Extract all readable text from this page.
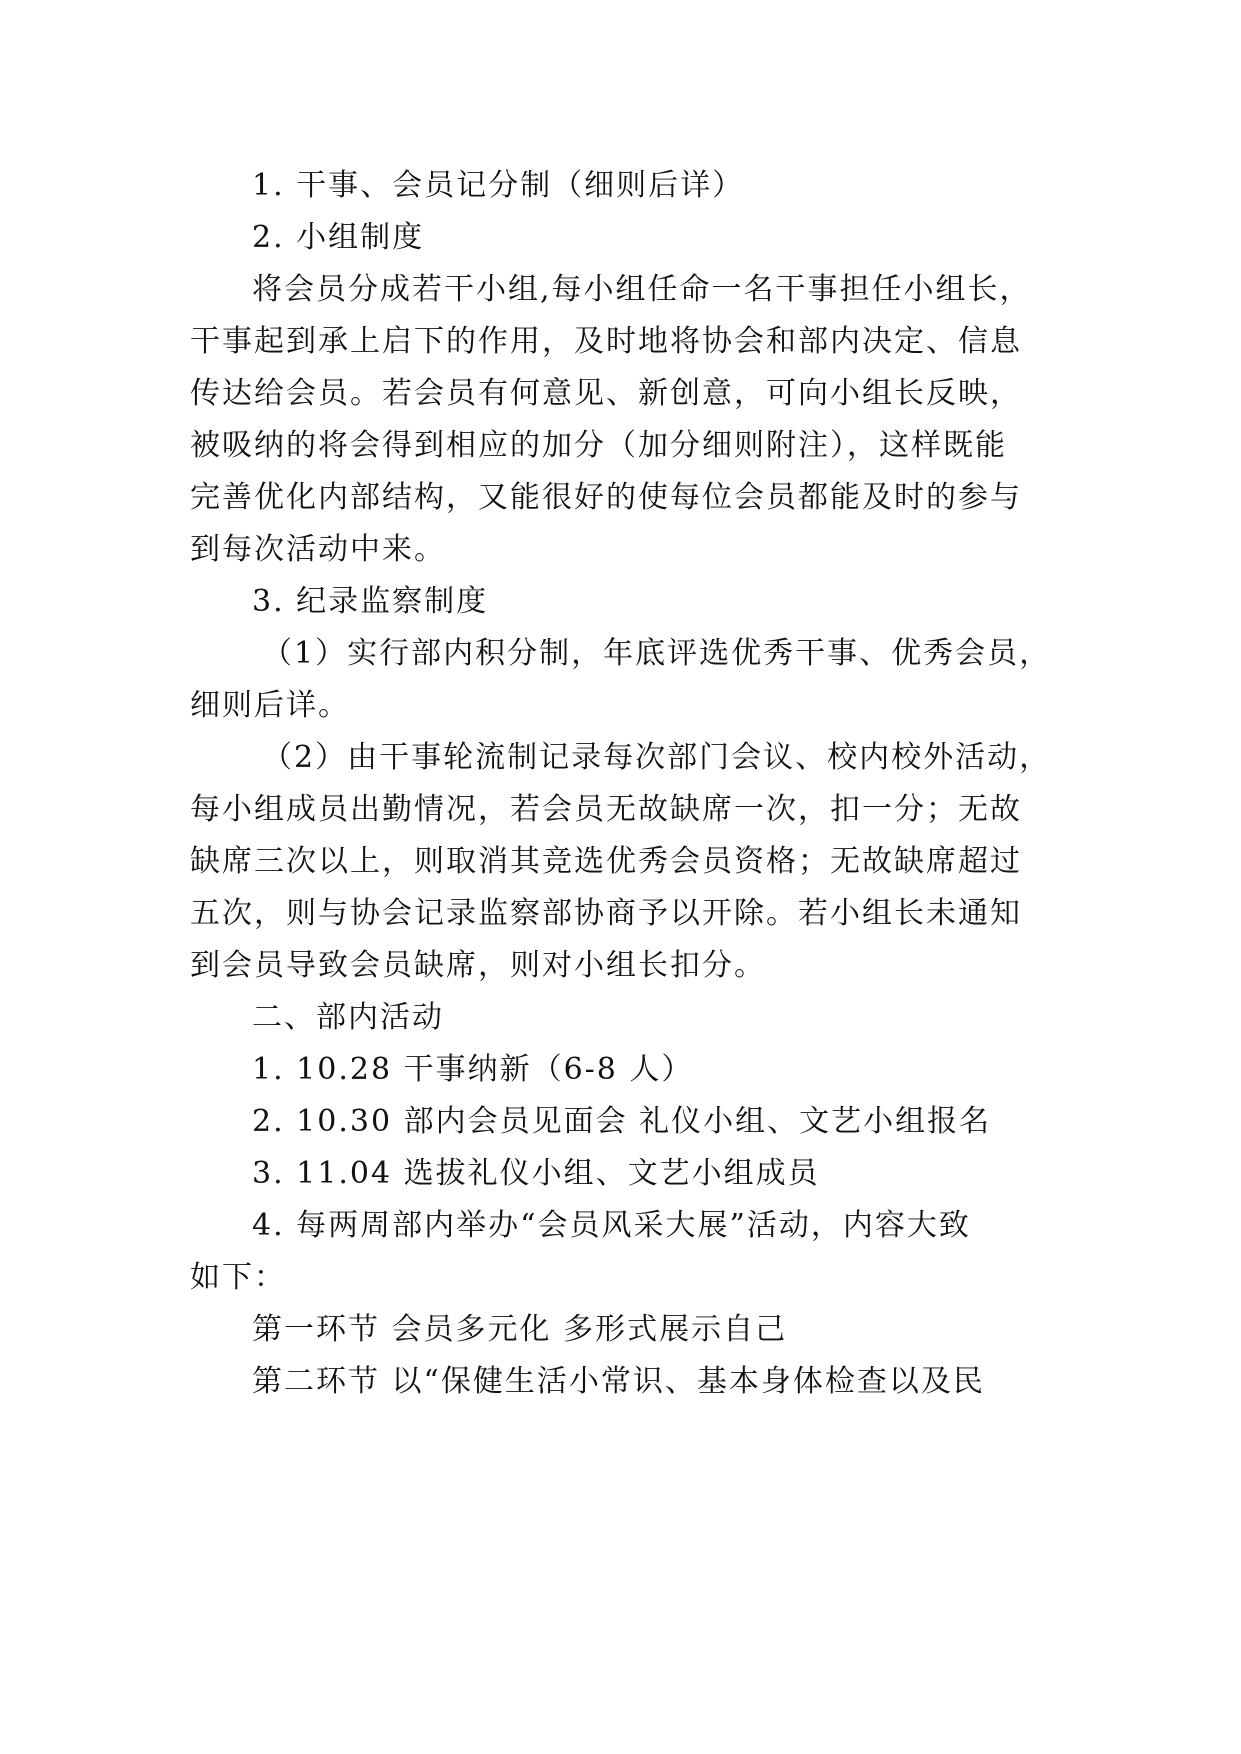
1. 干事、会员记分制（细则后详）
2. 小组制度
将会员分成若干小组,每小组任命一名干事担任小组长，
干事起到承上启下的作用，及时地将协会和部内决定、信息
传达给会员。若会员有何意见、新创意，可向小组长反映，
被吸纳的将会得到相应的加分（加分细则附注），这样既能
完善优化内部结构，又能很好的使每位会员都能及时的参与
到每次活动中来。
3. 纪录监察制度
（1）实行部内积分制，年底评选优秀干事、优秀会员，
细则后详。
（2）由干事轮流制记录每次部门会议、校内校外活动，
每小组成员出勤情况，若会员无故缺席一次，扣一分；无故
缺席三次以上，则取消其竞选优秀会员资格；无故缺席超过
五次，则与协会记录监察部协商予以开除。若小组长未通知
到会员导致会员缺席，则对小组长扣分。
二、部内活动
1. 10.28 干事纳新（6-8 人）
2. 10.30 部内会员见面会 礼仪小组、文艺小组报名
3. 11.04 选拔礼仪小组、文艺小组成员
4. 每两周部内举办“会员风采大展”活动，内容大致
如下：
第一环节 会员多元化 多形式展示自己
第二环节 以“保健生活小常识、基本身体检查以及民
